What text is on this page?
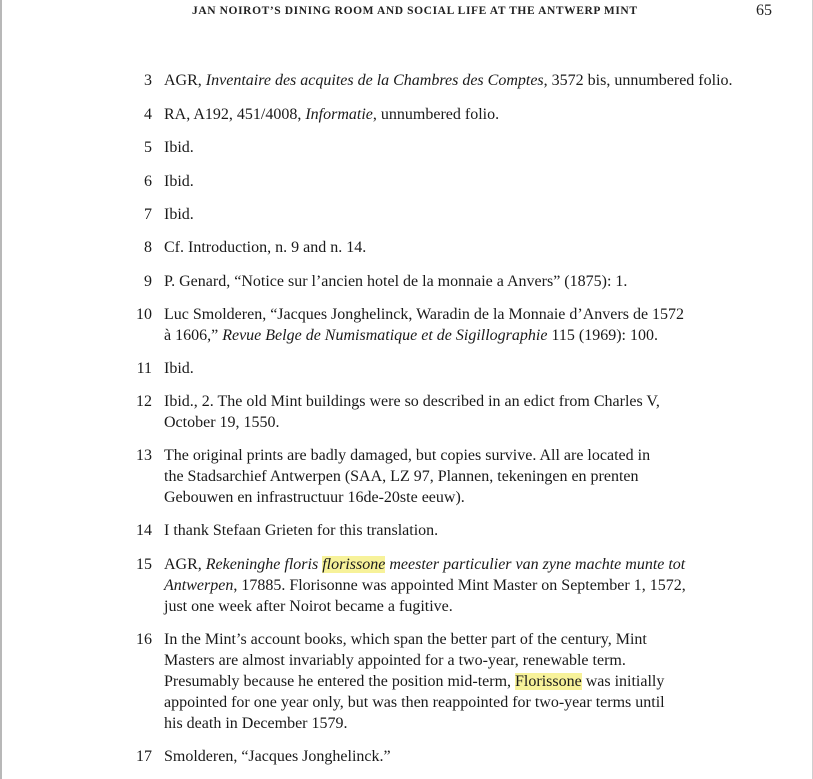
JAN NOIROT’S DINING ROOM AND SOCIAL LIFE AT THE ANTWERP MINT	65
3 AGR, Inventaire des acquites de la Chambres des Comptes, 3572 bis, unnumbered folio.
4 RA, A192, 451/4008, Informatie, unnumbered folio.
5 Ibid.
6 Ibid.
7 Ibid.
8 Cf. Introduction, n. 9 and n. 14.
9 P. Genard, “Notice sur l’ancien hotel de la monnaie a Anvers” (1875): 1.
10 Luc Smolderen, “Jacques Jonghelinck, Waradin de la Monnaie d’Anvers de 1572
à 1606,” Revue Belge de Numismatique et de Sigillographie 115 (1969): 100.
11 Ibid.
12 Ibid., 2. The old Mint buildings were so described in an edict from Charles V,
October 19, 1550.
13 The original prints are badly damaged, but copies survive. All are located in
the Stadsarchief Antwerpen (SAA, LZ 97, Plannen, tekeningen en prenten
Gebouwen en infrastructuur 16de-20ste eeuw).
14 I thank Stefaan Grieten for this translation.
15 AGR, Rekeninghe floris florissone meester particulier van zyne machte munte tot
Antwerpen, 17885. Florisonne was appointed Mint Master on September 1, 1572,
just one week after Noirot became a fugitive.
16 In the Mint’s account books, which span the better part of the century, Mint
Masters are almost invariably appointed for a two-year, renewable term.
Presumably because he entered the position mid-term, Florissone was initially
appointed for one year only, but was then reappointed for two-year terms until
his death in December 1579.
17 Smolderen, “Jacques Jonghelinck.”
